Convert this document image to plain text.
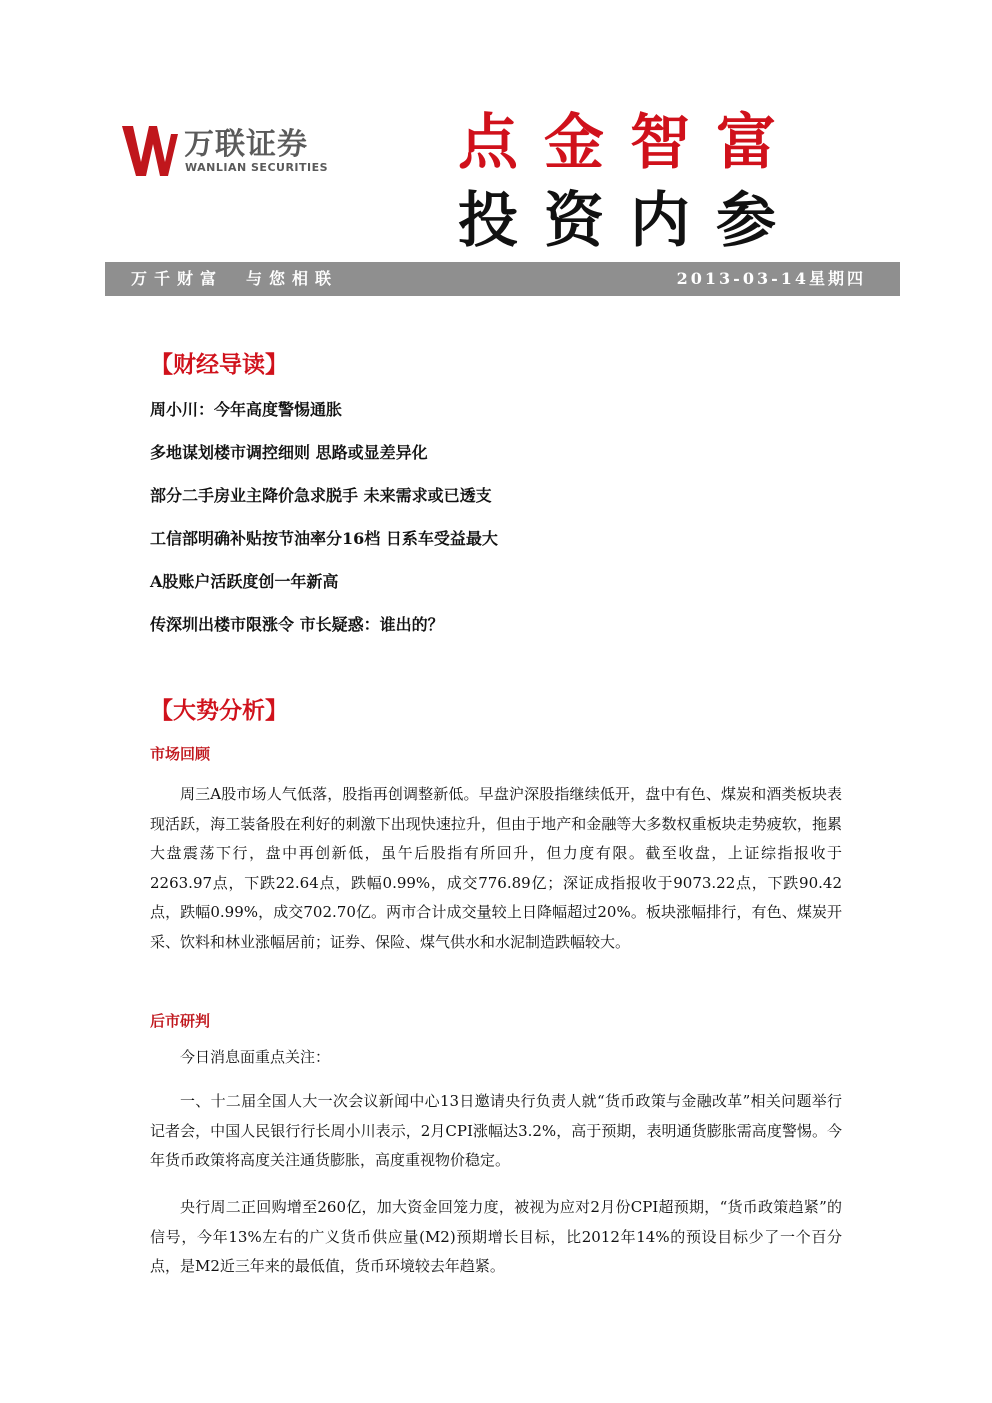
万联证券
WANLIAN SECURITIES 点金智富
投资内参
万千财富　与您相联	2013-03-14星期四
【财经导读】
周小川：今年高度警惕通胀
多地谋划楼市调控细则 思路或显差异化
部分二手房业主降价急求脱手 未来需求或已透支
工信部明确补贴按节油率分16档 日系车受益最大
A股账户活跃度创一年新高
传深圳出楼市限涨令 市长疑惑：谁出的？
【大势分析】
市场回顾

周三A股市场人气低落，股指再创调整新低。早盘沪深股指继续低开，盘中有色、煤炭和酒类板块表现活跃，海工装备股在利好的刺激下出现快速拉升，但由于地产和金融等大多数权重板块走势疲软，拖累大盘震荡下行，盘中再创新低，虽午后股指有所回升，但力度有限。截至收盘，上证综指报收于2263.97点，下跌22.64点，跌幅0.99%，成交776.89亿；深证成指报收于9073.22点，下跌90.42点，跌幅0.99%，成交702.70亿。两市合计成交量较上日降幅超过20%。板块涨幅排行，有色、煤炭开采、饮料和林业涨幅居前；证券、保险、煤气供水和水泥制造跌幅较大。

后市研判

今日消息面重点关注：

一、十二届全国人大一次会议新闻中心13日邀请央行负责人就“货币政策与金融改革”相关问题举行记者会，中国人民银行行长周小川表示，2月CPI涨幅达3.2%，高于预期，表明通货膨胀需高度警惕。今年货币政策将高度关注通货膨胀，高度重视物价稳定。

央行周二正回购增至260亿，加大资金回笼力度，被视为应对2月份CPI超预期，“货币政策趋紧”的信号，今年13%左右的广义货币供应量(M2)预期增长目标，比2012年14%的预设目标少了一个百分点，是M2近三年来的最低值，货币环境较去年趋紧。
